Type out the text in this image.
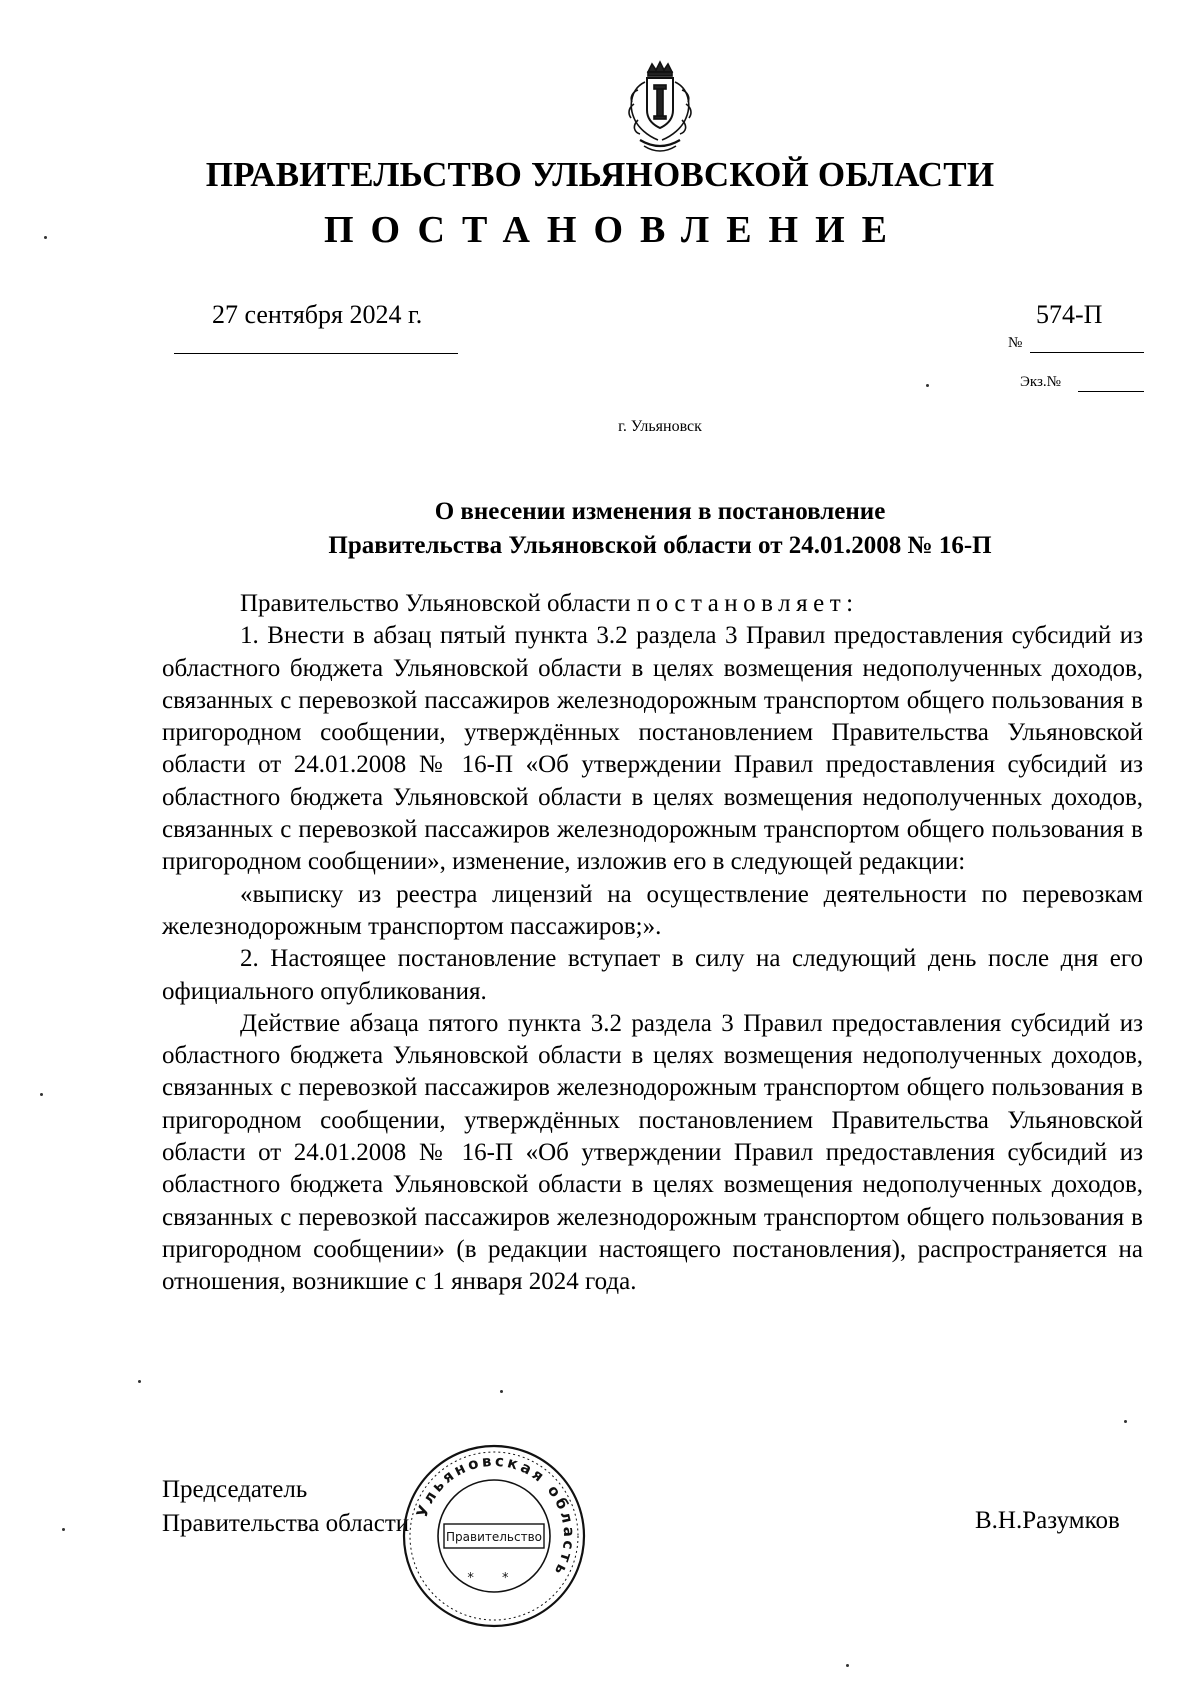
ПРАВИТЕЛЬСТВО УЛЬЯНОВСКОЙ ОБЛАСТИ
ПОСТАНОВЛЕНИЕ
27 сентября 2024 г.	574-П
№
Экз.№
г. Ульяновск
О внесении изменения в постановление
Правительства Ульяновской области от 24.01.2008 № 16-П

Правительство Ульяновской области постановляет:

1. Внести в абзац пятый пункта 3.2 раздела 3 Правил предоставления субсидий из областного бюджета Ульяновской области в целях возмещения недополученных доходов, связанных с перевозкой пассажиров железнодорожным транспортом общего пользования в пригородном сообщении, утверждённых постановлением Правительства Ульяновской области от 24.01.2008 № 16-П «Об утверждении Правил предоставления субсидий из областного бюджета Ульяновской области в целях возмещения недополученных доходов, связанных с перевозкой пассажиров железнодорожным транспортом общего пользования в пригородном сообщении», изменение, изложив его в следующей редакции:

«выписку из реестра лицензий на осуществление деятельности по перевозкам железнодорожным транспортом пассажиров;».

2. Настоящее постановление вступает в силу на следующий день после дня его официального опубликования.

Действие абзаца пятого пункта 3.2 раздела 3 Правил предоставления субсидий из областного бюджета Ульяновской области в целях возмещения недополученных доходов, связанных с перевозкой пассажиров железнодорожным транспортом общего пользования в пригородном сообщении, утверждённых постановлением Правительства Ульяновской области от 24.01.2008 № 16-П «Об утверждении Правил предоставления субсидий из областного бюджета Ульяновской области в целях возмещения недополученных доходов, связанных с перевозкой пассажиров железнодорожным транспортом общего пользования в пригородном сообщении» (в редакции настоящего постановления), распространяется на отношения, возникшие с 1 января 2024 года.

Председатель
Правительства области	В.Н.Разумков
Ульяновская область
Правительство
* *
